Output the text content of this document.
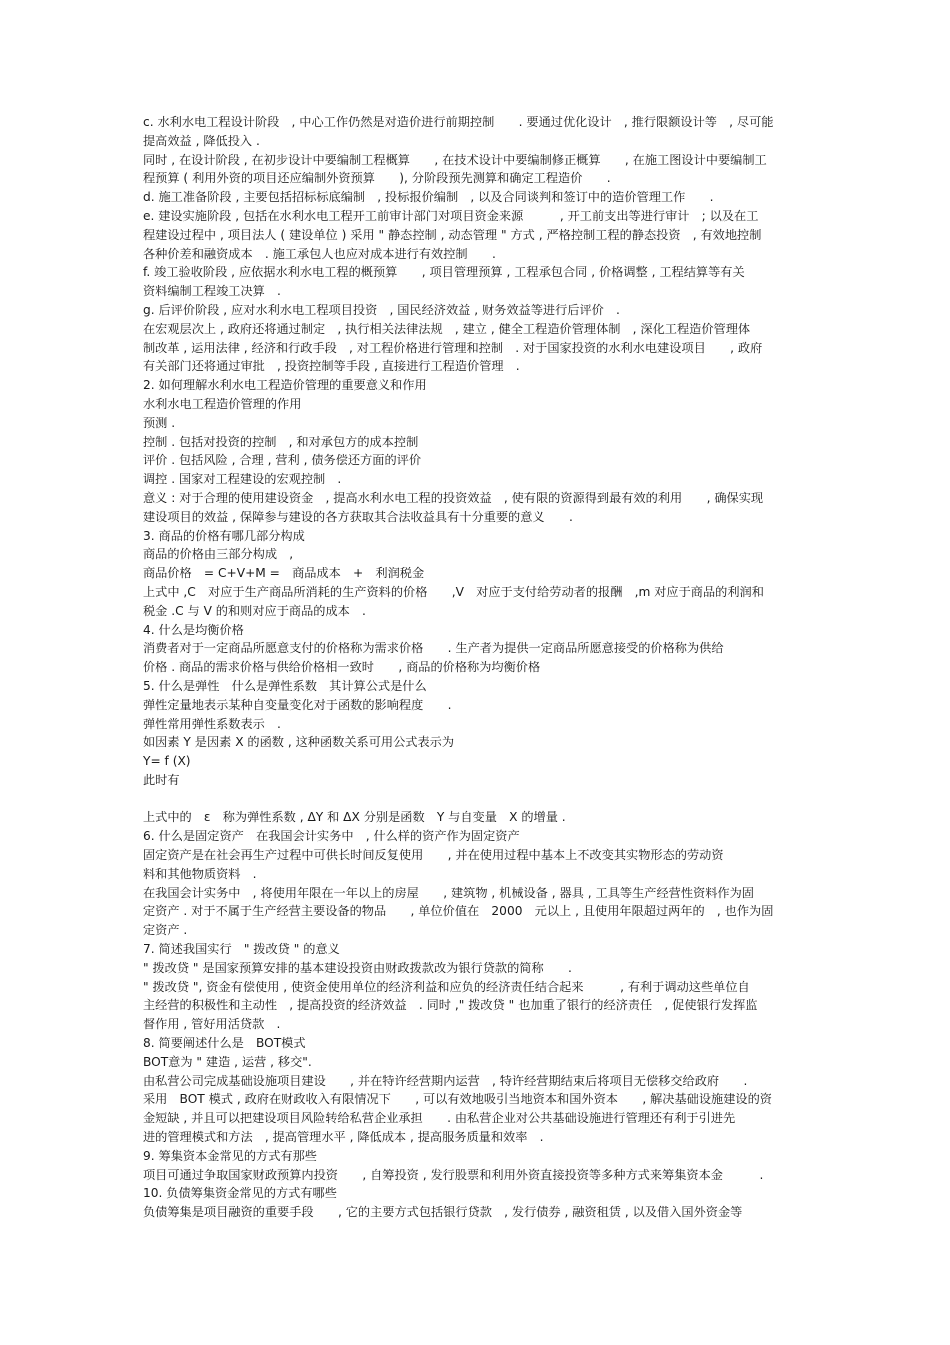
c. 水利水电工程设计阶段　, 中心工作仍然是对造价进行前期控制　　. 要通过优化设计　, 推行限额设计等　, 尽可能
提高效益 , 降低投入 .
同时 , 在设计阶段 , 在初步设计中要编制工程概算　　, 在技术设计中要编制修正概算　　, 在施工图设计中要编制工
程预算 ( 利用外资的项目还应编制外资预算　　), 分阶段预先测算和确定工程造价　　.
d. 施工准备阶段 , 主要包括招标标底编制　, 投标报价编制　, 以及合同谈判和签订中的造价管理工作　　.
e. 建设实施阶段 , 包括在水利水电工程开工前审计部门对项目资金来源　　　, 开工前支出等进行审计　; 以及在工
程建设过程中 , 项目法人 ( 建设单位 ) 采用 " 静态控制 , 动态管理 " 方式 , 严格控制工程的静态投资　, 有效地控制
各种价差和融资成本　. 施工承包人也应对成本进行有效控制　　.
f. 竣工验收阶段 , 应依据水利水电工程的概预算　　, 项目管理预算 , 工程承包合同 , 价格调整 , 工程结算等有关
资料编制工程竣工决算　.
g. 后评价阶段 , 应对水利水电工程项目投资　, 国民经济效益 , 财务效益等进行后评价　.
在宏观层次上 , 政府还将通过制定　, 执行相关法律法规　, 建立 , 健全工程造价管理体制　, 深化工程造价管理体
制改革 , 运用法律 , 经济和行政手段　, 对工程价格进行管理和控制　. 对于国家投资的水利水电建设项目　　, 政府
有关部门还将通过审批　, 投资控制等手段 , 直接进行工程造价管理　.
2. 如何理解水利水电工程造价管理的重要意义和作用
水利水电工程造价管理的作用
预测 .
控制 . 包括对投资的控制　, 和对承包方的成本控制
评价 . 包括风险 , 合理 , 营利 , 债务偿还方面的评价
调控 . 国家对工程建设的宏观控制　.
意义 : 对于合理的使用建设资金　, 提高水利水电工程的投资效益　, 使有限的资源得到最有效的利用　　, 确保实现
建设项目的效益 , 保障参与建设的各方获取其合法收益具有十分重要的意义　　.
3. 商品的价格有哪几部分构成
商品的价格由三部分构成　,
商品价格　= C+V+M =　商品成本　+　利润税金
上式中 ,C　对应于生产商品所消耗的生产资料的价格　　,V　对应于支付给劳动者的报酬　,m 对应于商品的利润和
税金 .C 与 V 的和则对应于商品的成本　.
4. 什么是均衡价格
消费者对于一定商品所愿意支付的价格称为需求价格　　. 生产者为提供一定商品所愿意接受的价格称为供给
价格 . 商品的需求价格与供给价格相一致时　　, 商品的价格称为均衡价格
5. 什么是弹性　什么是弹性系数　其计算公式是什么
弹性定量地表示某种自变量变化对于函数的影响程度　　.
弹性常用弹性系数表示　.
如因素 Y 是因素 X 的函数 , 这种函数关系可用公式表示为
Y= f (X)
此时有
上式中的　ε　称为弹性系数 , ΔY 和 ΔX 分别是函数　Y 与自变量　X 的增量 .
6. 什么是固定资产　在我国会计实务中　, 什么样的资产作为固定资产
固定资产是在社会再生产过程中可供长时间反复使用　　, 并在使用过程中基本上不改变其实物形态的劳动资
料和其他物质资料　.
在我国会计实务中　, 将使用年限在一年以上的房屋　　, 建筑物 , 机械设备 , 器具 , 工具等生产经营性资料作为固
定资产 . 对于不属于生产经营主要设备的物品　　, 单位价值在　2000　元以上 , 且使用年限超过两年的　, 也作为固
定资产 .
7. 简述我国实行　" 拨改贷 " 的意义
" 拨改贷 " 是国家预算安排的基本建设投资由财政拨款改为银行贷款的简称　　.
" 拨改贷 ", 资金有偿使用 , 使资金使用单位的经济利益和应负的经济责任结合起来　　　, 有利于调动这些单位自
主经营的积极性和主动性　, 提高投资的经济效益　. 同时 ," 拨改贷 " 也加重了银行的经济责任　, 促使银行发挥监
督作用 , 管好用活贷款　.
8. 简要阐述什么是　BOT模式
BOT意为 " 建造 , 运营 , 移交".
由私营公司完成基础设施项目建设　　, 并在特许经营期内运营　, 特许经营期结束后将项目无偿移交给政府　　.
采用　BOT 模式 , 政府在财政收入有限情况下　　, 可以有效地吸引当地资本和国外资本　　, 解决基础设施建设的资
金短缺 , 并且可以把建设项目风险转给私营企业承担　　. 由私营企业对公共基础设施进行管理还有利于引进先
进的管理模式和方法　, 提高管理水平 , 降低成本 , 提高服务质量和效率　.
9. 筹集资本金常见的方式有那些
项目可通过争取国家财政预算内投资　　, 自筹投资 , 发行股票和利用外资直接投资等多种方式来筹集资本金　　　.
10. 负债筹集资金常见的方式有哪些
负债筹集是项目融资的重要手段　　, 它的主要方式包括银行贷款　, 发行债券 , 融资租赁 , 以及借入国外资金等
